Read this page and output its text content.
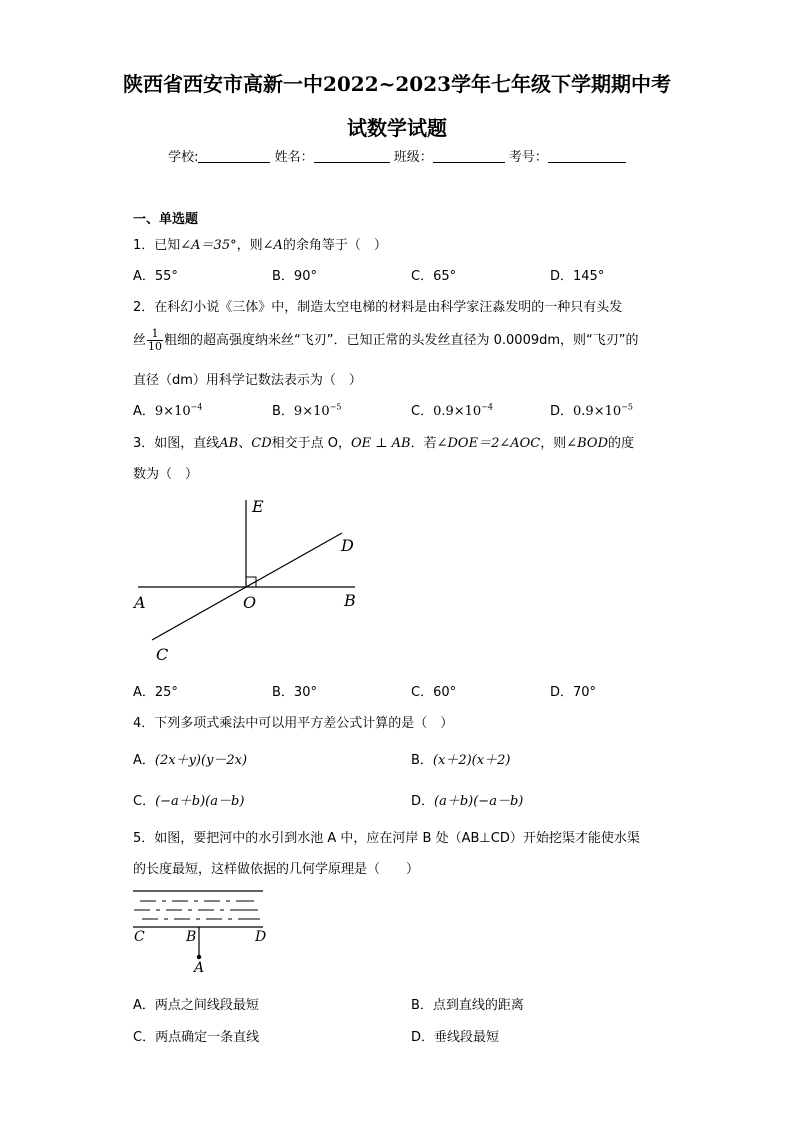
陕西省西安市高新一中2022~2023学年七年级下学期期中考
试数学试题
学校:	姓名：	班级：	考号：
一、单选题
1．已知∠A＝35°，则∠A的余角等于（　）
A．55°	B．90°	C．65°	D．145°
2．在科幻小说《三体》中，制造太空电梯的材料是由科学家汪淼发明的一种只有头发
丝 $\frac{1}{10}$ 粗细的超高强度纳米丝“飞刃”．已知正常的头发丝直径为 0.0009dm，则“飞刃”的
直径（dm）用科学记数法表示为（　）
A．$9\times 10^{-4}$	B．$9\times 10^{-5}$	C．$0.9\times 10^{-4}$	D．$0.9\times 10^{-5}$
3．如图，直线AB、CD相交于点 O，OE ⊥ AB．若∠DOE＝2∠AOC，则∠BOD的度
数为（　）
E
D
A	O	B
C
A．25°	B．30°	C．60°	D．70°
4．下列多项式乘法中可以用平方差公式计算的是（　）
A．(2x＋y)(y－2x)	B．(x＋2)(x＋2)
C．(−a＋b)(a－b)	D．(a＋b)(−a－b)
5．如图，要把河中的水引到水池 A 中，应在河岸 B 处（AB⊥CD）开始挖渠才能使水渠
的长度最短，这样做依据的几何学原理是（　　）
C	B	D
A
A．两点之间线段最短	B．点到直线的距离
C．两点确定一条直线	D．垂线段最短
